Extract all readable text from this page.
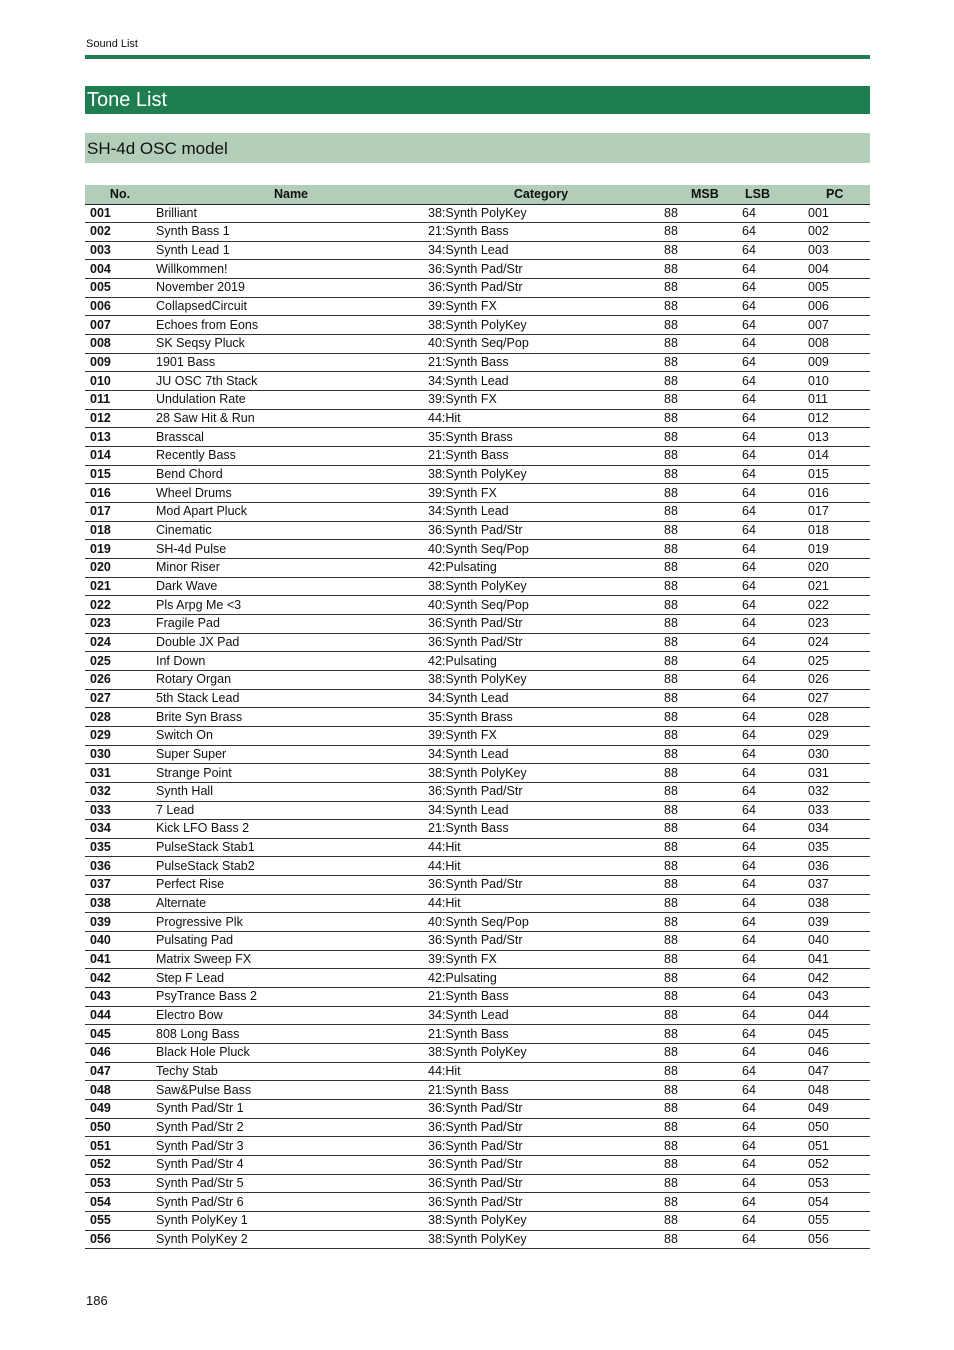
Sound List
Tone List
SH-4d OSC model
No.	Name	Category	MSB	LSB	PC
001	Brilliant	38:Synth PolyKey	88	64	001
002	Synth Bass 1	21:Synth Bass	88	64	002
003	Synth Lead 1	34:Synth Lead	88	64	003
004	Willkommen!	36:Synth Pad/Str	88	64	004
005	November 2019	36:Synth Pad/Str	88	64	005
006	CollapsedCircuit	39:Synth FX	88	64	006
007	Echoes from Eons	38:Synth PolyKey	88	64	007
008	SK Seqsy Pluck	40:Synth Seq/Pop	88	64	008
009	1901 Bass	21:Synth Bass	88	64	009
010	JU OSC 7th Stack	34:Synth Lead	88	64	010
011	Undulation Rate	39:Synth FX	88	64	011
012	28 Saw Hit & Run	44:Hit	88	64	012
013	Brasscal	35:Synth Brass	88	64	013
014	Recently Bass	21:Synth Bass	88	64	014
015	Bend Chord	38:Synth PolyKey	88	64	015
016	Wheel Drums	39:Synth FX	88	64	016
017	Mod Apart Pluck	34:Synth Lead	88	64	017
018	Cinematic	36:Synth Pad/Str	88	64	018
019	SH-4d Pulse	40:Synth Seq/Pop	88	64	019
020	Minor Riser	42:Pulsating	88	64	020
021	Dark Wave	38:Synth PolyKey	88	64	021
022	Pls Arpg Me <3	40:Synth Seq/Pop	88	64	022
023	Fragile Pad	36:Synth Pad/Str	88	64	023
024	Double JX Pad	36:Synth Pad/Str	88	64	024
025	Inf Down	42:Pulsating	88	64	025
026	Rotary Organ	38:Synth PolyKey	88	64	026
027	5th Stack Lead	34:Synth Lead	88	64	027
028	Brite Syn Brass	35:Synth Brass	88	64	028
029	Switch On	39:Synth FX	88	64	029
030	Super Super	34:Synth Lead	88	64	030
031	Strange Point	38:Synth PolyKey	88	64	031
032	Synth Hall	36:Synth Pad/Str	88	64	032
033	7 Lead	34:Synth Lead	88	64	033
034	Kick LFO Bass 2	21:Synth Bass	88	64	034
035	PulseStack Stab1	44:Hit	88	64	035
036	PulseStack Stab2	44:Hit	88	64	036
037	Perfect Rise	36:Synth Pad/Str	88	64	037
038	Alternate	44:Hit	88	64	038
039	Progressive Plk	40:Synth Seq/Pop	88	64	039
040	Pulsating Pad	36:Synth Pad/Str	88	64	040
041	Matrix Sweep FX	39:Synth FX	88	64	041
042	Step F Lead	42:Pulsating	88	64	042
043	PsyTrance Bass 2	21:Synth Bass	88	64	043
044	Electro Bow	34:Synth Lead	88	64	044
045	808 Long Bass	21:Synth Bass	88	64	045
046	Black Hole Pluck	38:Synth PolyKey	88	64	046
047	Techy Stab	44:Hit	88	64	047
048	Saw&Pulse Bass	21:Synth Bass	88	64	048
049	Synth Pad/Str 1	36:Synth Pad/Str	88	64	049
050	Synth Pad/Str 2	36:Synth Pad/Str	88	64	050
051	Synth Pad/Str 3	36:Synth Pad/Str	88	64	051
052	Synth Pad/Str 4	36:Synth Pad/Str	88	64	052
053	Synth Pad/Str 5	36:Synth Pad/Str	88	64	053
054	Synth Pad/Str 6	36:Synth Pad/Str	88	64	054
055	Synth PolyKey 1	38:Synth PolyKey	88	64	055
056	Synth PolyKey 2	38:Synth PolyKey	88	64	056
186
